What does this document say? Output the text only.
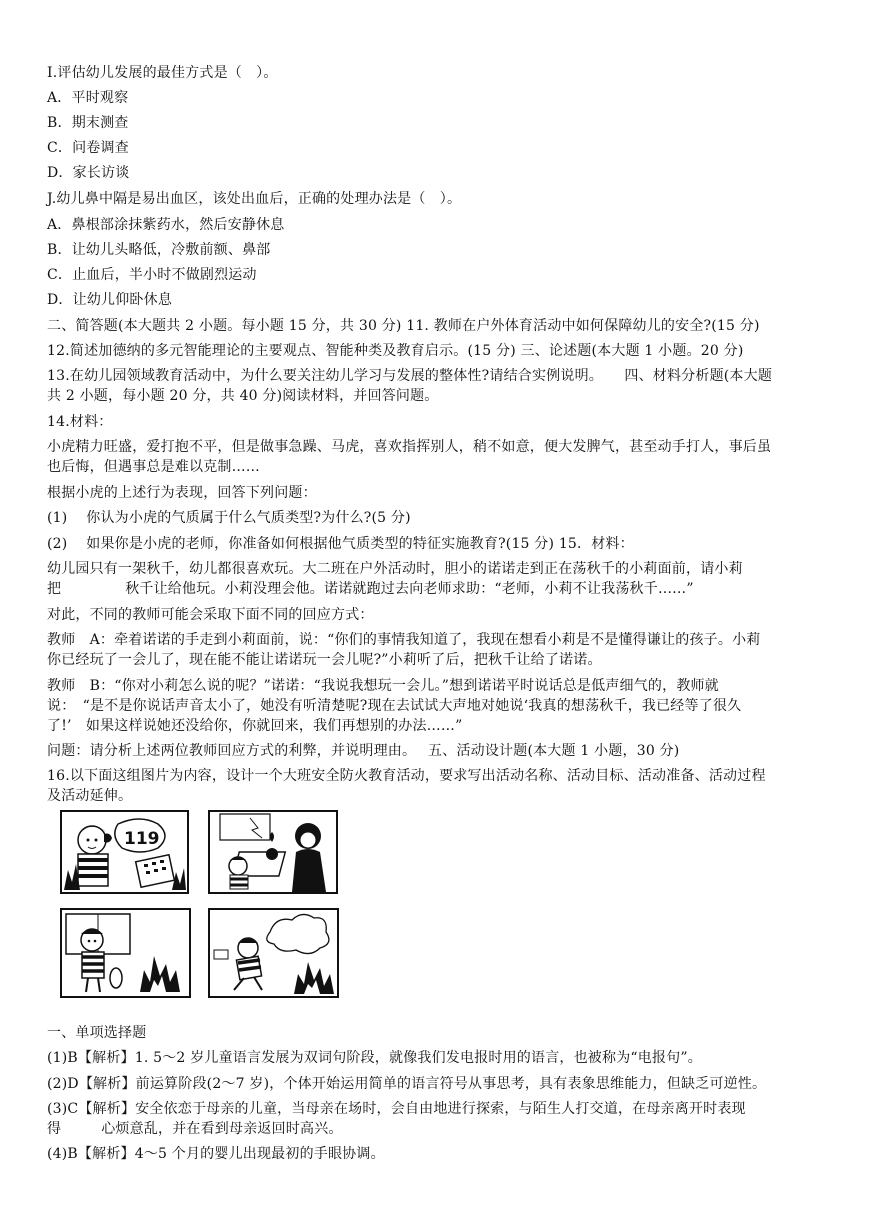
I.评估幼儿发展的最佳方式是（　）。
A．平时观察
B．期末测查
C．问卷调查
D．家长访谈
J.幼儿鼻中隔是易出血区，该处出血后，正确的处理办法是（　）。
A．鼻根部涂抹紫药水，然后安静休息
B．让幼儿头略低，冷敷前额、鼻部
C．止血后，半小时不做剧烈运动
D．让幼儿仰卧休息
二、简答题(本大题共 2 小题。每小题 15 分，共 30 分) 11. 教师在户外体育活动中如何保障幼儿的安全?(15 分)
12.简述加德纳的多元智能理论的主要观点、智能种类及教育启示。(15 分) 三、论述题(本大题 1 小题。20 分)
13.在幼儿园领域教育活动中，为什么要关注幼儿学习与发展的整体性?请结合实例说明。　　四、材料分析题(本大题
共 2 小题，每小题 20 分，共 40 分)阅读材料，并回答问题。
14.材料：
小虎精力旺盛，爱打抱不平，但是做事急躁、马虎，喜欢指挥别人，稍不如意，便大发脾气，甚至动手打人，事后虽
也后悔，但遇事总是难以克制……
根据小虎的上述行为表现，回答下列问题：
(1)　 你认为小虎的气质属于什么气质类型?为什么?(5 分)
(2)　 如果你是小虎的老师，你准备如何根据他气质类型的特征实施教育?(15 分) 15．材料：
幼儿园只有一架秋千，幼儿都很喜欢玩。大二班在户外活动时，胆小的诺诺走到正在荡秋千的小莉面前，请小莉
把	秋千让给他玩。小莉没理会他。诺诺就跑过去向老师求助：“老师，小莉不让我荡秋千……”
对此，不同的教师可能会采取下面不同的回应方式：
教师　A：牵着诺诺的手走到小莉面前，说：“你们的事情我知道了，我现在想看小莉是不是懂得谦让的孩子。小莉
你已经玩了一会儿了，现在能不能让诺诺玩一会儿呢?”小莉听了后，把秋千让给了诺诺。
教师　B：“你对小莉怎么说的呢？”诺诺：“我说我想玩一会儿。”想到诺诺平时说话总是低声细气的，教师就
说：　“是不是你说话声音太小了，她没有听清楚呢?现在去试试大声地对她说‘我真的想荡秋千，我已经等了很久
了!’　如果这样说她还没给你，你就回来，我们再想别的办法……”
问题：请分析上述两位教师回应方式的利弊，并说明理由。　 五、活动设计题(本大题 1 小题，30 分)
16.以下面这组图片为内容，设计一个大班安全防火教育活动，要求写出活动名称、活动目标、活动准备、活动过程
及活动延伸。
119
一、单项选择题
(1)B【解析】1. 5～2 岁儿童语言发展为双词句阶段，就像我们发电报时用的语言，也被称为“电报句”。
(2)D【解析】前运算阶段(2～7 岁)，个体开始运用简单的语言符号从事思考，具有表象思维能力，但缺乏可逆性。
(3)C【解析】安全依恋于母亲的儿童，当母亲在场时，会自由地进行探索，与陌生人打交道，在母亲离开时表现
得	心烦意乱，并在看到母亲返回时高兴。
(4)B【解析】4～5 个月的婴儿出现最初的手眼协调。
